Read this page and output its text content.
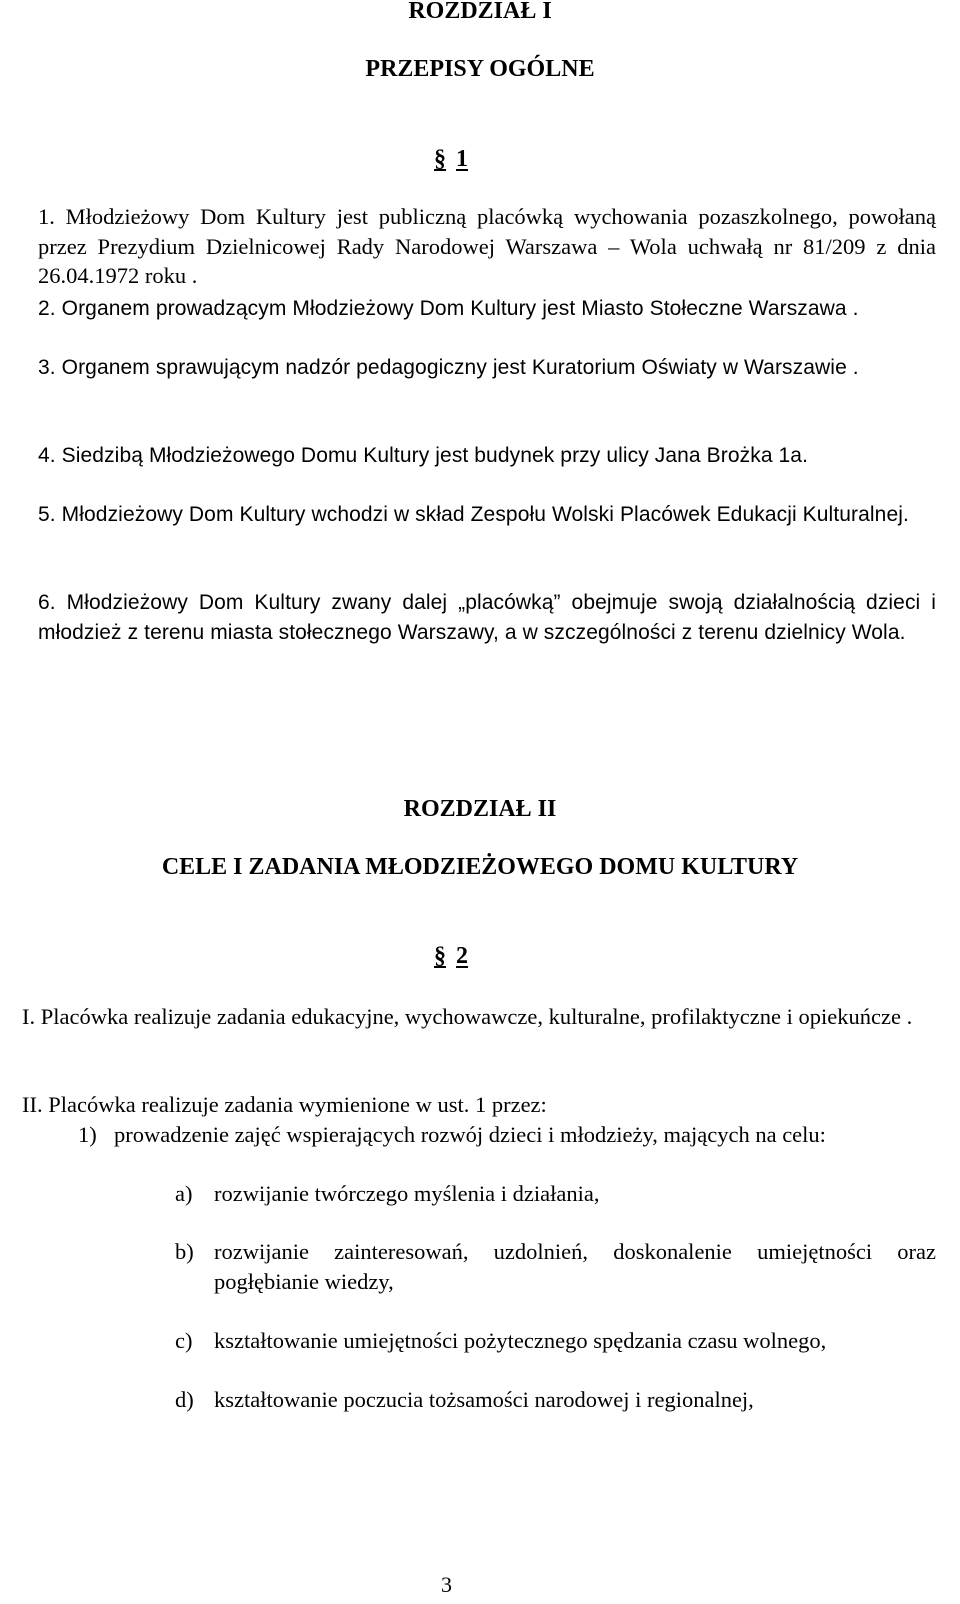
ROZDZIAŁ I
PRZEPISY OGÓLNE
§ 1

1. Młodzieżowy Dom Kultury jest publiczną placówką wychowania pozaszkolnego, powołaną przez Prezydium Dzielnicowej Rady Narodowej Warszawa – Wola uchwałą nr 81/209 z dnia 26.04.1972 roku .

2. Organem prowadzącym Młodzieżowy Dom Kultury jest Miasto Stołeczne Warszawa .

3. Organem sprawującym nadzór pedagogiczny jest Kuratorium Oświaty w Warszawie .

4. Siedzibą Młodzieżowego Domu Kultury jest budynek przy ulicy Jana Brożka 1a.

5. Młodzieżowy Dom Kultury wchodzi w skład Zespołu Wolski Placówek Edukacji Kulturalnej.

6. Młodzieżowy Dom Kultury zwany dalej „placówką” obejmuje swoją działalnością dzieci i młodzież z terenu miasta stołecznego Warszawy, a w szczególności z terenu dzielnicy Wola.

ROZDZIAŁ II
CELE I ZADANIA MŁODZIEŻOWEGO DOMU KULTURY
§ 2

I. Placówka realizuje zadania edukacyjne, wychowawcze, kulturalne, profilaktyczne i opiekuńcze .

II. Placówka realizuje zadania wymienione w ust. 1 przez:

1) prowadzenie zajęć wspierających rozwój dzieci i młodzieży, mających na celu:

a) rozwijanie twórczego myślenia i działania,

b) rozwijanie zainteresowań, uzdolnień, doskonalenie umiejętności oraz pogłębianie wiedzy,

c) kształtowanie umiejętności pożytecznego spędzania czasu wolnego,

d) kształtowanie poczucia tożsamości narodowej i regionalnej,

3
